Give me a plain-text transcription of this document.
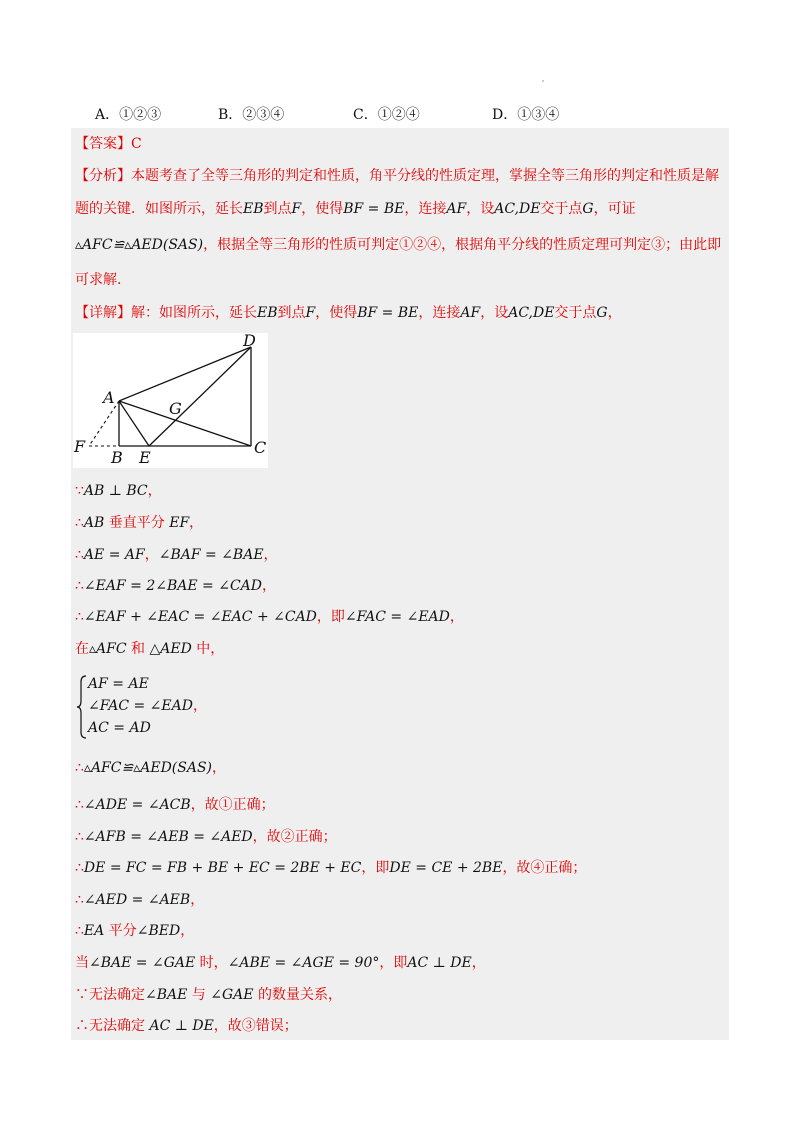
A．①②③	B．②③④	C．①②④	D．①③④
【答案】C
【分析】本题考查了全等三角形的判定和性质，角平分线的性质定理，掌握全等三角形的判定和性质是解
题的关键．如图所示，延长EB到点F，使得BF = BE，连接AF，设AC,DE交于点G，可证
▵AFC≌▵AED(SAS)，根据全等三角形的性质可判定①②④，根据角平分线的性质定理可判定③；由此即
可求解.
【详解】解：如图所示，延长EB到点F，使得BF = BE，连接AF，设AC,DE交于点G，
D
A
G
F
B E
C
∵AB ⊥ BC，
∴AB 垂直平分 EF，
∴AE = AF，∠BAF = ∠BAE，
∴∠EAF = 2∠BAE = ∠CAD，
∴∠EAF + ∠EAC = ∠EAC + ∠CAD，即∠FAC = ∠EAD，
在▵AFC 和 △AED 中，
AF = AE
∠FAC = ∠EAD，
AC = AD
∴▵AFC≌▵AED(SAS)，
∴∠ADE = ∠ACB，故①正确；
∴∠AFB = ∠AEB = ∠AED，故②正确；
∴DE = FC = FB + BE + EC = 2BE + EC，即DE = CE + 2BE，故④正确；
∴∠AED = ∠AEB，
∴EA 平分∠BED，
当∠BAE = ∠GAE 时，∠ABE = ∠AGE = 90°，即AC ⊥ DE，
∵无法确定∠BAE 与 ∠GAE 的数量关系，
∴无法确定 AC ⊥ DE，故③错误；
